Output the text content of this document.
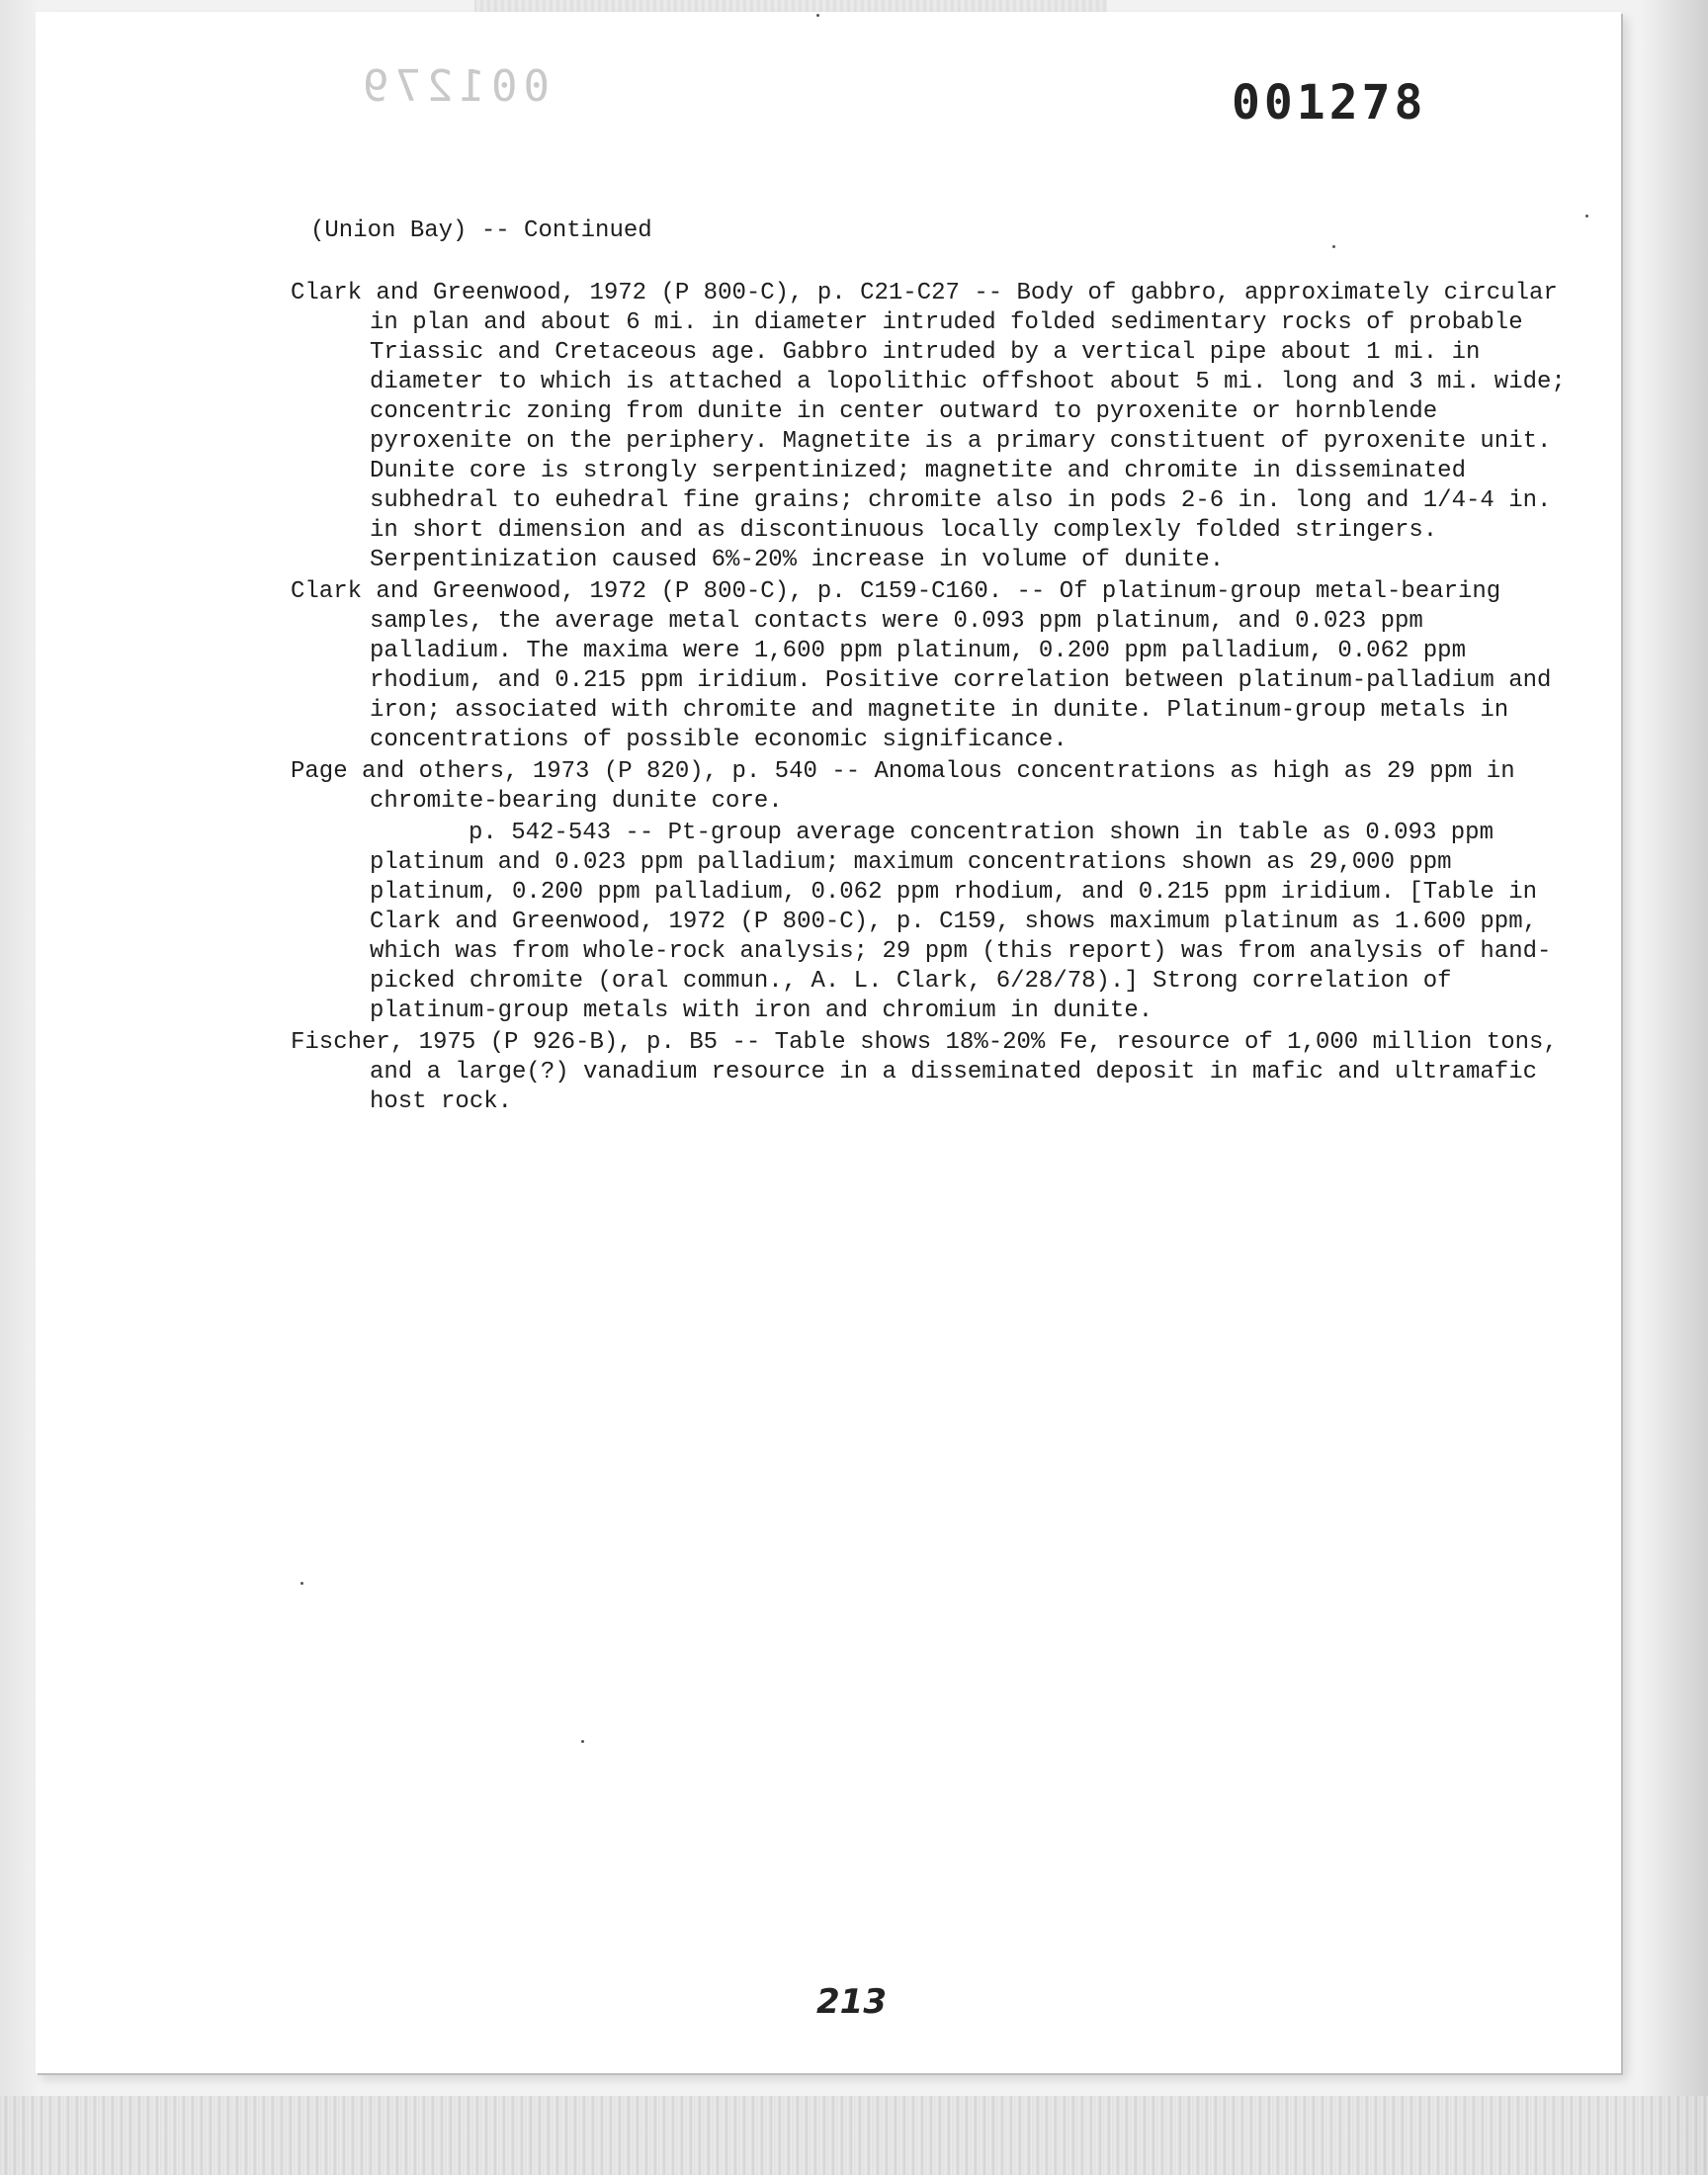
001279	001278
(Union Bay) -- Continued

Clark and Greenwood, 1972 (P 800-C), p. C21-C27 -- Body of gabbro, approximately circular in plan and about 6 mi. in diameter intruded folded sedimentary rocks of probable Triassic and Cretaceous age. Gabbro intruded by a vertical pipe about 1 mi. in diameter to which is attached a lopolithic offshoot about 5 mi. long and 3 mi. wide; concentric zoning from dunite in center outward to pyroxenite or hornblende pyroxenite on the periphery. Magnetite is a primary constituent of pyroxenite unit. Dunite core is strongly serpentinized; magnetite and chromite in disseminated subhedral to euhedral fine grains; chromite also in pods 2-6 in. long and 1/4-4 in. in short dimension and as discontinuous locally complexly folded stringers. Serpentinization caused 6%-20% increase in volume of dunite.

Clark and Greenwood, 1972 (P 800-C), p. C159-C160. -- Of platinum-group metal-bearing samples, the average metal contacts were 0.093 ppm platinum, and 0.023 ppm palladium. The maxima were 1,600 ppm platinum, 0.200 ppm palladium, 0.062 ppm rhodium, and 0.215 ppm iridium. Positive correlation between platinum-palladium and iron; associated with chromite and magnetite in dunite. Platinum-group metals in concentrations of possible economic significance.

Page and others, 1973 (P 820), p. 540 -- Anomalous concentrations as high as 29 ppm in chromite-bearing dunite core.

p. 542-543 -- Pt-group average concentration shown in table as 0.093 ppm platinum and 0.023 ppm palladium; maximum concentrations shown as 29,000 ppm platinum, 0.200 ppm palladium, 0.062 ppm rhodium, and 0.215 ppm iridium. [Table in Clark and Greenwood, 1972 (P 800-C), p. C159, shows maximum platinum as 1.600 ppm, which was from whole-rock analysis; 29 ppm (this report) was from analysis of hand-picked chromite (oral commun., A. L. Clark, 6/28/78).] Strong correlation of platinum-group metals with iron and chromium in dunite.

Fischer, 1975 (P 926-B), p. B5 -- Table shows 18%-20% Fe, resource of 1,000 million tons, and a large(?) vanadium resource in a disseminated deposit in mafic and ultramafic host rock.

213
